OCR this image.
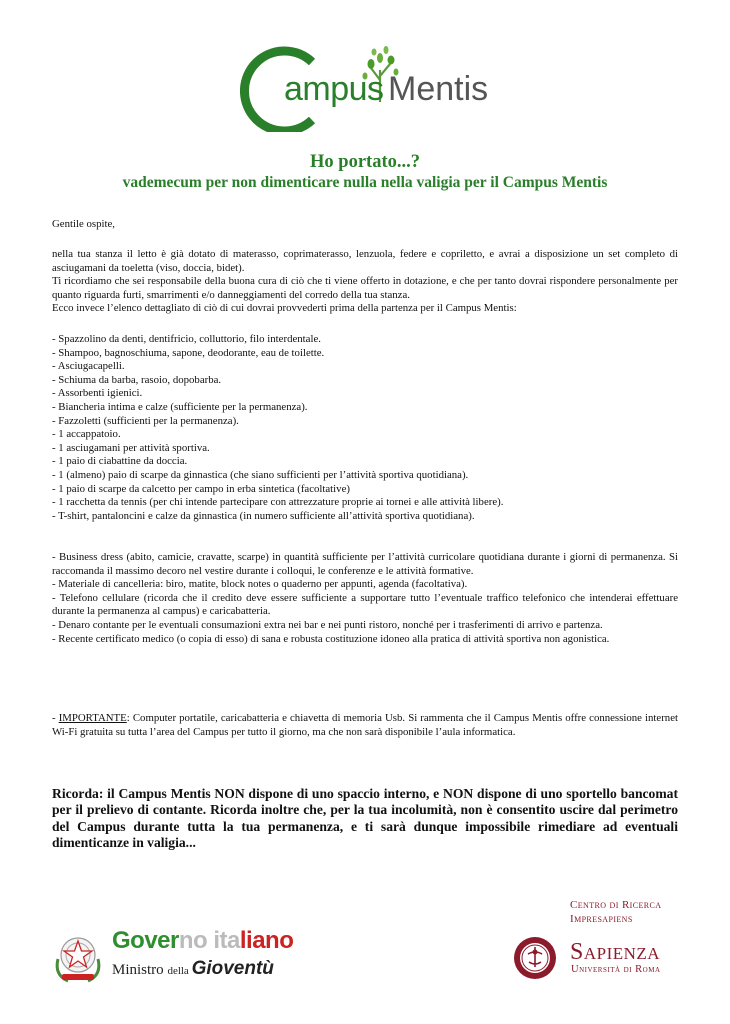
ampus Mentis
Ho portato...?
vademecum per non dimenticare nulla nella valigia per il Campus Mentis
Gentile ospite,

nella tua stanza il letto è già dotato di materasso, coprimaterasso, lenzuola, federe e copriletto, e avrai a disposizione un set completo di asciugamani da toeletta (viso, doccia, bidet).

Ti ricordiamo che sei responsabile della buona cura di ciò che ti viene offerto in dotazione, e che per tanto dovrai rispondere personalmente per quanto riguarda furti, smarrimenti e/o danneggiamenti del corredo della tua stanza.

Ecco invece l’elenco dettagliato di ciò di cui dovrai provvederti prima della partenza per il Campus Mentis:

- Spazzolino da denti, dentifricio, colluttorio, filo interdentale.
- Shampoo, bagnoschiuma, sapone, deodorante, eau de toilette.
- Asciugacapelli.
- Schiuma da barba, rasoio, dopobarba.
- Assorbenti igienici.
- Biancheria intima e calze (sufficiente per la permanenza).
- Fazzoletti (sufficienti per la permanenza).
- 1 accappatoio.
- 1 asciugamani per attività sportiva.
- 1 paio di ciabattine da doccia.
- 1 (almeno) paio di scarpe da ginnastica (che siano sufficienti per l’attività sportiva quotidiana).
- 1 paio di scarpe da calcetto per campo in erba sintetica (facoltative)
- 1 racchetta da tennis (per chi intende partecipare con attrezzature proprie ai tornei e alle attività libere).
- T-shirt, pantaloncini e calze da ginnastica (in numero sufficiente all’attività sportiva quotidiana).

- Business dress (abito, camicie, cravatte, scarpe) in quantità sufficiente per l’attività curricolare quotidiana durante i giorni di permanenza. Si raccomanda il massimo decoro nel vestire durante i colloqui, le conferenze e le attività formative.

- Materiale di cancelleria: biro, matite, block notes o quaderno per appunti, agenda (facoltativa).

- Telefono cellulare (ricorda che il credito deve essere sufficiente a supportare tutto l’eventuale traffico telefonico che intenderai effettuare durante la permanenza al campus) e caricabatteria.

- Denaro contante per le eventuali consumazioni extra nei bar e nei punti ristoro, nonché per i trasferimenti di arrivo e partenza.

- Recente certificato medico (o copia di esso) di sana e robusta costituzione idoneo alla pratica di attività sportiva non agonistica.

- IMPORTANTE: Computer portatile, caricabatteria e chiavetta di memoria Usb. Si rammenta che il Campus Mentis offre connessione internet Wi-Fi gratuita su tutta l’area del Campus per tutto il giorno, ma che non sarà disponibile l’aula informatica.
Ricorda: il Campus Mentis NON dispone di uno spaccio interno, e NON dispone di uno sportello bancomat per il prelievo di contante. Ricorda inoltre che, per la tua incolumità, non è consentito uscire dal perimetro del Campus durante tutta la tua permanenza, e ti sarà dunque impossibile rimediare ad eventuali dimenticanze in valigia...
Governo italiano
Ministro della Gioventù
Centro di Ricerca
Impresapiens
Sapienza
Università di Roma
